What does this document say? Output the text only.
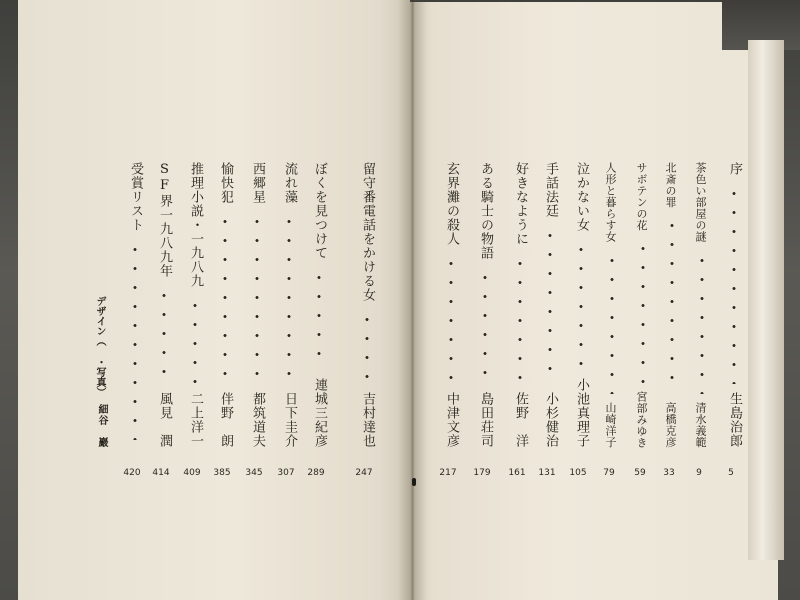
留守番電話をかける女
吉村達也
247
ぼくを見つけて
連城三紀彦
289
流れ藻
日下圭介
307
西郷星
都筑道夫
345
愉快犯
伴野　朗
385
推理小説・一九八九
二上洋一
409
SF界一九八九年
風見　潤
414
受賞リスト
420
序
生島治郎
5
茶色い部屋の謎
清水義範
9
北斎の罪
高橋克彦
33
サボテンの花
宮部みゆき
59
人形と暮らす女
山崎洋子
79
泣かない女
小池真理子
105
手話法廷
小杉健治
131
好きなように
佐野　洋
161
ある騎士の物語
島田荘司
179
玄界灘の殺人
中津文彦
217
デザイン（ ・写真）
細谷　巖
